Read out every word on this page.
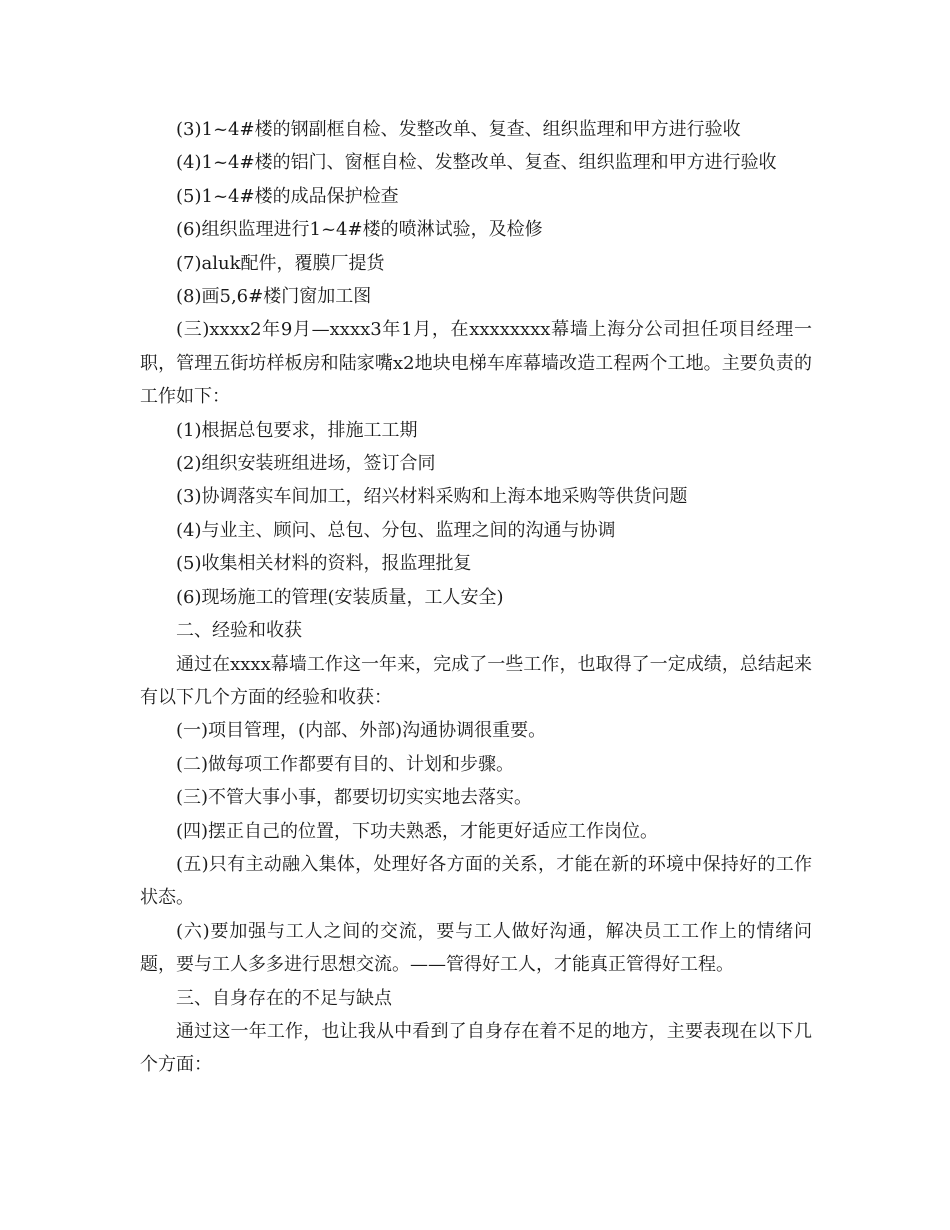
(3)1~4#楼的钢副框自检、发整改单、复查、组织监理和甲方进行验收

(4)1~4#楼的铝门、窗框自检、发整改单、复查、组织监理和甲方进行验收

(5)1~4#楼的成品保护检查

(6)组织监理进行1~4#楼的喷淋试验，及检修

(7)aluk配件，覆膜厂提货

(8)画5,6#楼门窗加工图

(三)xxxx2年9月—xxxx3年1月，在xxxxxxxx幕墙上海分公司担任项目经理一职，管理五街坊样板房和陆家嘴x2地块电梯车库幕墙改造工程两个工地。主要负责的工作如下：

(1)根据总包要求，排施工工期

(2)组织安装班组进场，签订合同

(3)协调落实车间加工，绍兴材料采购和上海本地采购等供货问题

(4)与业主、顾问、总包、分包、监理之间的沟通与协调

(5)收集相关材料的资料，报监理批复

(6)现场施工的管理(安装质量，工人安全)

二、经验和收获

通过在xxxx幕墙工作这一年来，完成了一些工作，也取得了一定成绩，总结起来有以下几个方面的经验和收获：

(一)项目管理，(内部、外部)沟通协调很重要。

(二)做每项工作都要有目的、计划和步骤。

(三)不管大事小事，都要切切实实地去落实。

(四)摆正自己的位置，下功夫熟悉，才能更好适应工作岗位。

(五)只有主动融入集体，处理好各方面的关系，才能在新的环境中保持好的工作状态。

(六)要加强与工人之间的交流，要与工人做好沟通，解决员工工作上的情绪问题，要与工人多多进行思想交流。——管得好工人，才能真正管得好工程。

三、自身存在的不足与缺点

通过这一年工作，也让我从中看到了自身存在着不足的地方，主要表现在以下几个方面：
